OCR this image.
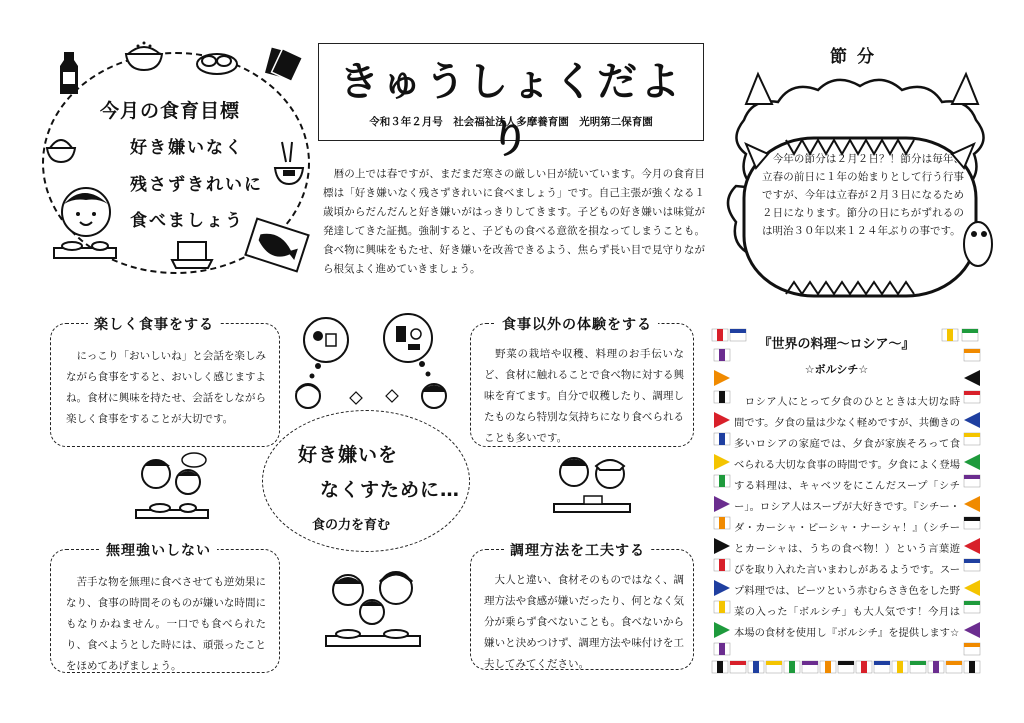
今月の食育目標
好き嫌いなく
残さずきれいに
食べましょう
きゅうしょくだより
令和３年２月号　社会福祉法人多摩養育園　光明第二保育園
　暦の上では春ですが、まだまだ寒さの厳しい日が続いています。今月の食育目標は「好き嫌いなく残さずきれいに食べましょう」です。自己主張が強くなる１歳頃からだんだんと好き嫌いがはっきりしてきます。子どもの好き嫌いは味覚が発達してきた証拠。強制すると、子どもの食べる意欲を損なってしまうことも。食べ物に興味をもたせ、好き嫌いを改善できるよう、焦らず長い目で見守りながら根気よく進めていきましょう。
節分
　今年の節分は２月２日？！節分は毎年、立春の前日に１年の始まりとして行う行事ですが、今年は立春が２月３日になるため２日になります。節分の日にちがずれるのは明治３０年以来１２４年ぶりの事です。
楽しく食事をする
　にっこり「おいしいね」と会話を楽しみながら食事をすると、おいしく感じますよね。食材に興味を持たせ、会話をしながら楽しく食事をすることが大切です。
無理強いしない
　苦手な物を無理に食べさせても逆効果になり、食事の時間そのものが嫌いな時間にもなりかねません。一口でも食べられたり、食べようとした時には、頑張ったことをほめてあげましょう。
食事以外の体験をする
　野菜の栽培や収穫、料理のお手伝いなど、食材に触れることで食べ物に対する興味を育てます。自分で収穫したり、調理したものなら特別な気持ちになり食べられることも多いです。
調理方法を工夫する
　大人と違い、食材そのものではなく、調理方法や食感が嫌いだったり、何となく気分が乗らず食べないことも。食べないから嫌いと決めつけず、調理方法や味付けを工夫してみてください。
好き嫌いを
なくすために…
食の力を育む
『世界の料理～ロシア～』
☆ボルシチ☆
　ロシア人にとって夕食のひとときは大切な時間です。夕食の量は少なく軽めですが、共働きの多いロシアの家庭では、夕食が家族そろって食べられる大切な食事の時間です。夕食によく登場する料理は、キャベツをにこんだスープ「シチー」。ロシア人はスープが大好きです。『シチー・ダ・カーシャ・ピーシャ・ナーシャ！』（シチーとカーシャは、うちの食べ物！）という言葉遊びを取り入れた言いまわしがあるようです。スープ料理では、ビーツという赤むらさき色をした野菜の入った「ボルシチ」も大人気です！今月は本場の食材を使用し『ボルシチ』を提供します☆
